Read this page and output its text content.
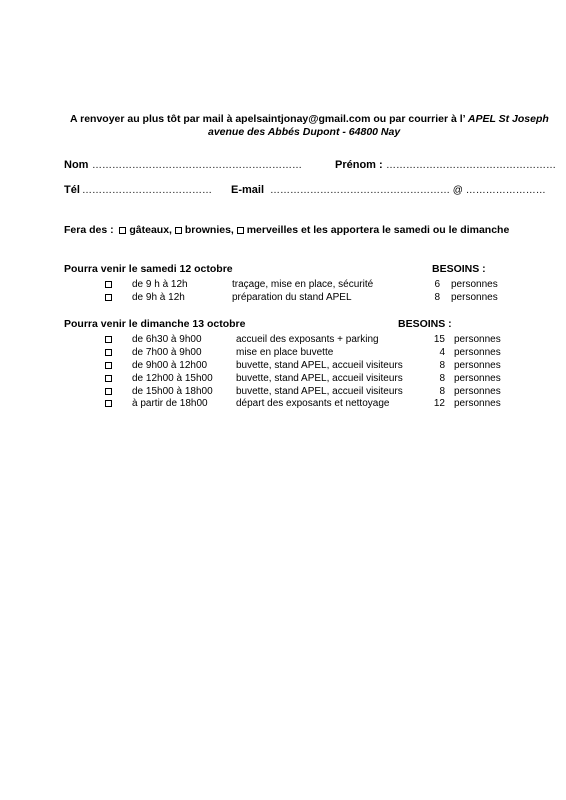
A renvoyer au plus tôt par mail à apelsaintjonay@gmail.com ou par courrier à l’ APEL St Joseph
avenue des Abbés Dupont - 64800 Nay
Nom ………………………………………………………	Prénom : ……………………………………………
Tél ………………………………… E-mail ……………………………………………… @ ……………………
Fera des : gâteaux, brownies, merveilles et les apportera le samedi ou le dimanche
Pourra venir le samedi 12 octobre	BESOINS :
de 9 h à 12h	traçage, mise en place, sécurité	6 personnes
de 9h à 12h	préparation du stand APEL	8 personnes
Pourra venir le dimanche 13 octobre	BESOINS :
de 6h30 à 9h00	accueil des exposants + parking	15 personnes
de 7h00 à 9h00	mise en place buvette	4 personnes
de 9h00 à 12h00	buvette, stand APEL, accueil visiteurs	8 personnes
de 12h00 à 15h00 buvette, stand APEL, accueil visiteurs	8 personnes
de 15h00 à 18h00 buvette, stand APEL, accueil visiteurs	8 personnes
à partir de 18h00	départ des exposants et nettoyage	12 personnes
